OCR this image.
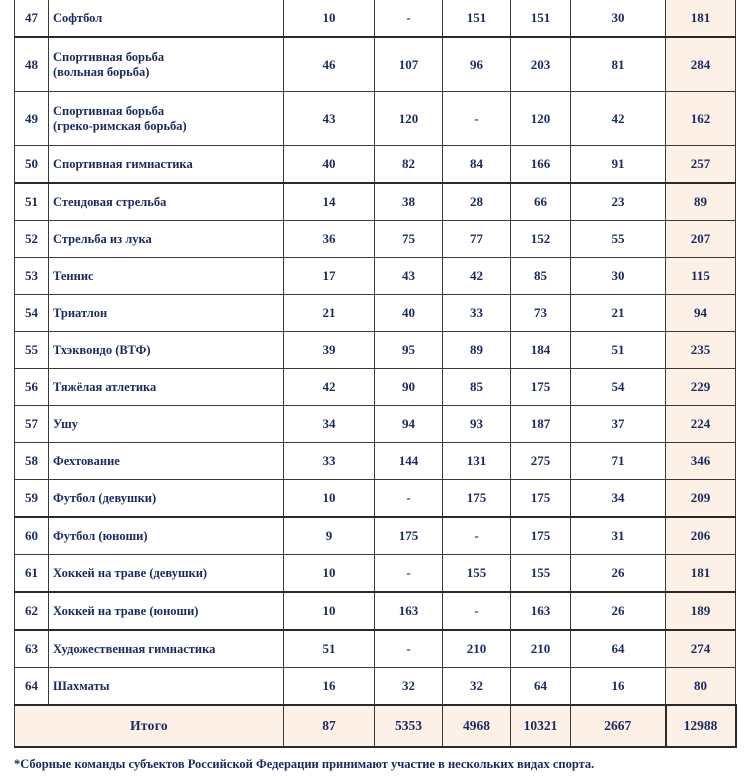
47	Софтбол	10	-	151	151	30	181
48	Спортивная борьба
(вольная борьба)	46	107	96	203	81	284
49	Спортивная борьба
(греко-римская борьба)	43	120	-	120	42	162
50	Спортивная гимнастика	40	82	84	166	91	257
51	Стендовая стрельба	14	38	28	66	23	89
52	Стрельба из лука	36	75	77	152	55	207
53	Теннис	17	43	42	85	30	115
54	Триатлон	21	40	33	73	21	94
55	Тхэквондо (ВТФ)	39	95	89	184	51	235
56	Тяжёлая атлетика	42	90	85	175	54	229
57	Ушу	34	94	93	187	37	224
58	Фехтование	33	144	131	275	71	346
59	Футбол (девушки)	10	-	175	175	34	209
60	Футбол (юноши)	9	175	-	175	31	206
61	Хоккей на траве (девушки)	10	-	155	155	26	181
62	Хоккей на траве (юноши)	10	163	-	163	26	189
63	Художественная гимнастика	51	-	210	210	64	274
64	Шахматы	16	32	32	64	16	80
Итого		87	5353	4968	10321	2667	12988
*Сборные команды субъектов Российской Федерации принимают участие в нескольких видах спорта.
